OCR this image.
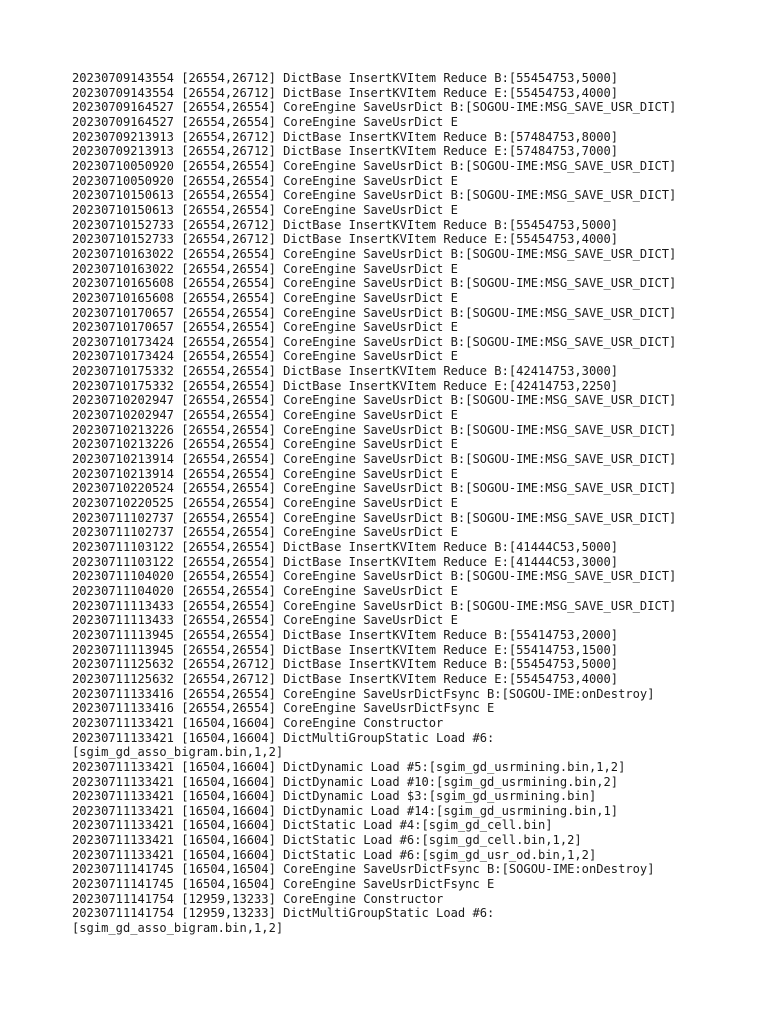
20230709143554 [26554,26712] DictBase InsertKVItem Reduce B:[55454753,5000]
20230709143554 [26554,26712] DictBase InsertKVItem Reduce E:[55454753,4000]
20230709164527 [26554,26554] CoreEngine SaveUsrDict B:[SOGOU-IME:MSG_SAVE_USR_DICT]
20230709164527 [26554,26554] CoreEngine SaveUsrDict E
20230709213913 [26554,26712] DictBase InsertKVItem Reduce B:[57484753,8000]
20230709213913 [26554,26712] DictBase InsertKVItem Reduce E:[57484753,7000]
20230710050920 [26554,26554] CoreEngine SaveUsrDict B:[SOGOU-IME:MSG_SAVE_USR_DICT]
20230710050920 [26554,26554] CoreEngine SaveUsrDict E
20230710150613 [26554,26554] CoreEngine SaveUsrDict B:[SOGOU-IME:MSG_SAVE_USR_DICT]
20230710150613 [26554,26554] CoreEngine SaveUsrDict E
20230710152733 [26554,26712] DictBase InsertKVItem Reduce B:[55454753,5000]
20230710152733 [26554,26712] DictBase InsertKVItem Reduce E:[55454753,4000]
20230710163022 [26554,26554] CoreEngine SaveUsrDict B:[SOGOU-IME:MSG_SAVE_USR_DICT]
20230710163022 [26554,26554] CoreEngine SaveUsrDict E
20230710165608 [26554,26554] CoreEngine SaveUsrDict B:[SOGOU-IME:MSG_SAVE_USR_DICT]
20230710165608 [26554,26554] CoreEngine SaveUsrDict E
20230710170657 [26554,26554] CoreEngine SaveUsrDict B:[SOGOU-IME:MSG_SAVE_USR_DICT]
20230710170657 [26554,26554] CoreEngine SaveUsrDict E
20230710173424 [26554,26554] CoreEngine SaveUsrDict B:[SOGOU-IME:MSG_SAVE_USR_DICT]
20230710173424 [26554,26554] CoreEngine SaveUsrDict E
20230710175332 [26554,26554] DictBase InsertKVItem Reduce B:[42414753,3000]
20230710175332 [26554,26554] DictBase InsertKVItem Reduce E:[42414753,2250]
20230710202947 [26554,26554] CoreEngine SaveUsrDict B:[SOGOU-IME:MSG_SAVE_USR_DICT]
20230710202947 [26554,26554] CoreEngine SaveUsrDict E
20230710213226 [26554,26554] CoreEngine SaveUsrDict B:[SOGOU-IME:MSG_SAVE_USR_DICT]
20230710213226 [26554,26554] CoreEngine SaveUsrDict E
20230710213914 [26554,26554] CoreEngine SaveUsrDict B:[SOGOU-IME:MSG_SAVE_USR_DICT]
20230710213914 [26554,26554] CoreEngine SaveUsrDict E
20230710220524 [26554,26554] CoreEngine SaveUsrDict B:[SOGOU-IME:MSG_SAVE_USR_DICT]
20230710220525 [26554,26554] CoreEngine SaveUsrDict E
20230711102737 [26554,26554] CoreEngine SaveUsrDict B:[SOGOU-IME:MSG_SAVE_USR_DICT]
20230711102737 [26554,26554] CoreEngine SaveUsrDict E
20230711103122 [26554,26554] DictBase InsertKVItem Reduce B:[41444C53,5000]
20230711103122 [26554,26554] DictBase InsertKVItem Reduce E:[41444C53,3000]
20230711104020 [26554,26554] CoreEngine SaveUsrDict B:[SOGOU-IME:MSG_SAVE_USR_DICT]
20230711104020 [26554,26554] CoreEngine SaveUsrDict E
20230711113433 [26554,26554] CoreEngine SaveUsrDict B:[SOGOU-IME:MSG_SAVE_USR_DICT]
20230711113433 [26554,26554] CoreEngine SaveUsrDict E
20230711113945 [26554,26554] DictBase InsertKVItem Reduce B:[55414753,2000]
20230711113945 [26554,26554] DictBase InsertKVItem Reduce E:[55414753,1500]
20230711125632 [26554,26712] DictBase InsertKVItem Reduce B:[55454753,5000]
20230711125632 [26554,26712] DictBase InsertKVItem Reduce E:[55454753,4000]
20230711133416 [26554,26554] CoreEngine SaveUsrDictFsync B:[SOGOU-IME:onDestroy]
20230711133416 [26554,26554] CoreEngine SaveUsrDictFsync E
20230711133421 [16504,16604] CoreEngine Constructor
20230711133421 [16504,16604] DictMultiGroupStatic Load #6:
[sgim_gd_asso_bigram.bin,1,2]
20230711133421 [16504,16604] DictDynamic Load #5:[sgim_gd_usrmining.bin,1,2]
20230711133421 [16504,16604] DictDynamic Load #10:[sgim_gd_usrmining.bin,2]
20230711133421 [16504,16604] DictDynamic Load $3:[sgim_gd_usrmining.bin]
20230711133421 [16504,16604] DictDynamic Load #14:[sgim_gd_usrmining.bin,1]
20230711133421 [16504,16604] DictStatic Load #4:[sgim_gd_cell.bin]
20230711133421 [16504,16604] DictStatic Load #6:[sgim_gd_cell.bin,1,2]
20230711133421 [16504,16604] DictStatic Load #6:[sgim_gd_usr_od.bin,1,2]
20230711141745 [16504,16504] CoreEngine SaveUsrDictFsync B:[SOGOU-IME:onDestroy]
20230711141745 [16504,16504] CoreEngine SaveUsrDictFsync E
20230711141754 [12959,13233] CoreEngine Constructor
20230711141754 [12959,13233] DictMultiGroupStatic Load #6:
[sgim_gd_asso_bigram.bin,1,2]
